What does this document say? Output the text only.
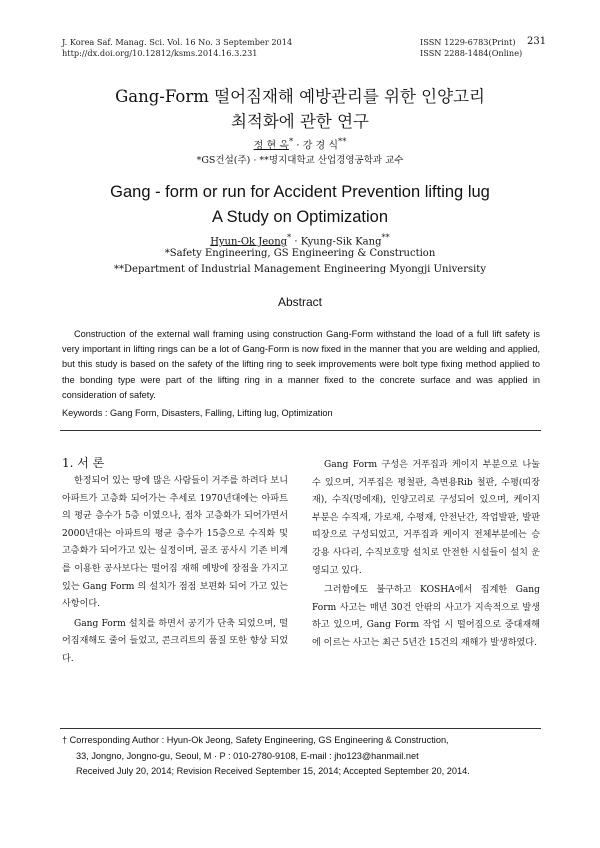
J. Korea Saf. Manag. Sci. Vol. 16 No. 3 September 2014
http://dx.doi.org/10.12812/ksms.2014.16.3.231
ISSN 1229-6783(Print)
ISSN 2288-1484(Online)
231
Gang-Form 떨어짐재해 예방관리를 위한 인양고리
최적화에 관한 연구
정 현 옥* · 강 경 식**
*GS건설(주) · **명지대학교 산업경영공학과 교수
Gang - form or run for Accident Prevention lifting lug
A Study on Optimization
Hyun-Ok Jeong* · Kyung-Sik Kang**
*Safety Engineering, GS Engineering & Construction
**Department of Industrial Management Engineering Myongji University
Abstract
Construction of the external wall framing using construction Gang-Form withstand the load of a full lift safety is very important in lifting rings can be a lot of Gang-Form is now fixed in the manner that you are welding and applied, but this study is based on the safety of the lifting ring to seek improvements were bolt type fixing method applied to the bonding type were part of the lifting ring in a manner fixed to the concrete surface and was applied in consideration of safety.
Keywords : Gang Form, Disasters, Falling, Lifting lug, Optimization

1. 서 론

한정되어 있는 땅에 많은 사람들이 거주를 하려다 보니 아파트가 고층화 되어가는 추세로 1970년대에는 아파트의 평균 층수가 5층 이였으나, 점차 고층화가 되어가면서 2000년대는 아파트의 평균 층수가 15층으로 수직화 및 고층화가 되어가고 있는 실정이며, 골조 공사시 기존 비계를 이용한 공사보다는 떨어짐 재해 예방에 장점을 가지고 있는 Gang Form 의 설치가 점점 보편화 되어 가고 있는 사항이다.

Gang Form 설치를 하면서 공기가 단축 되었으며, 떨어짐재해도 줄어 들었고, 콘크리트의 품질 또한 향상 되었다.

Gang Form 구성은 거푸집과 케이지 부분으로 나눌 수 있으며, 거푸집은 평철판, 측변용Rib 철판, 수평(띠장재), 수직(멍에재), 인양고리로 구성되어 있으며, 케이지 부분은 수직재, 가로재, 수평재, 안전난간, 작업발판, 발판띠장으로 구성되었고, 거푸집과 케이지 전체부분에는 승강용 사다리, 수직보호망 설치로 안전한 시설들이 설치 운영되고 있다.

그러함에도 불구하고 KOSHA에서 집계한 Gang Form 사고는 매년 30건 안팎의 사고가 지속적으로 발생하고 있으며, Gang Form 작업 시 떨어짐으로 중대재해에 이르는 사고는 최근 5년간 15건의 재해가 발생하였다.

† Corresponding Author : Hyun-Ok Jeong, Safety Engineering, GS Engineering & Construction,
33, Jongno, Jongno-gu, Seoul, M · P : 010-2780-9108, E-mail : jho123@hanmail.net
Received July 20, 2014; Revision Received September 15, 2014; Accepted September 20, 2014.
